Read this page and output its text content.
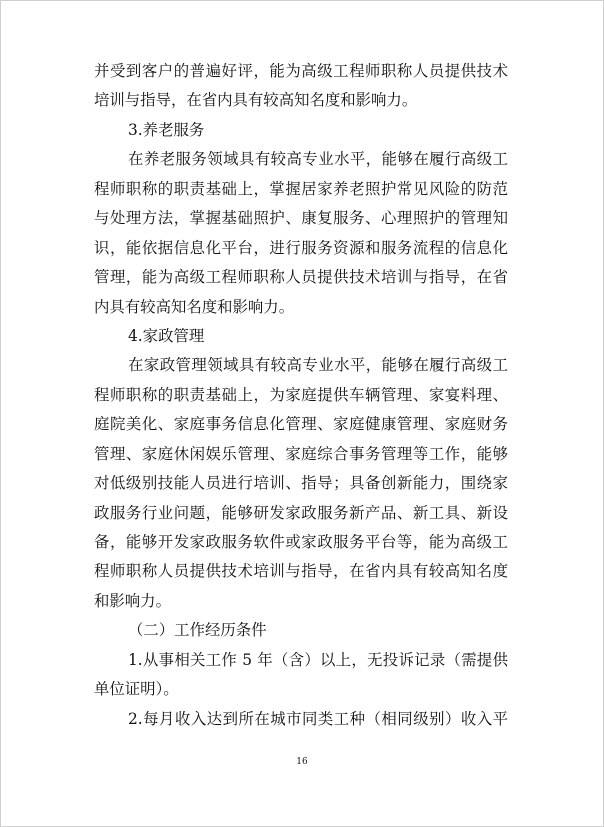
并受到客户的普遍好评，能为高级工程师职称人员提供技术
培训与指导，在省内具有较高知名度和影响力。
3.养老服务
在养老服务领域具有较高专业水平，能够在履行高级工
程师职称的职责基础上，掌握居家养老照护常见风险的防范
与处理方法，掌握基础照护、康复服务、心理照护的管理知
识，能依据信息化平台，进行服务资源和服务流程的信息化
管理，能为高级工程师职称人员提供技术培训与指导，在省
内具有较高知名度和影响力。
4.家政管理
在家政管理领域具有较高专业水平，能够在履行高级工
程师职称的职责基础上，为家庭提供车辆管理、家宴料理、
庭院美化、家庭事务信息化管理、家庭健康管理、家庭财务
管理、家庭休闲娱乐管理、家庭综合事务管理等工作，能够
对低级别技能人员进行培训、指导；具备创新能力，围绕家
政服务行业问题，能够研发家政服务新产品、新工具、新设
备，能够开发家政服务软件或家政服务平台等，能为高级工
程师职称人员提供技术培训与指导，在省内具有较高知名度
和影响力。
（二）工作经历条件
1.从事相关工作 5 年（含）以上，无投诉记录（需提供
单位证明）。
2.每月收入达到所在城市同类工种（相同级别）收入平
16
